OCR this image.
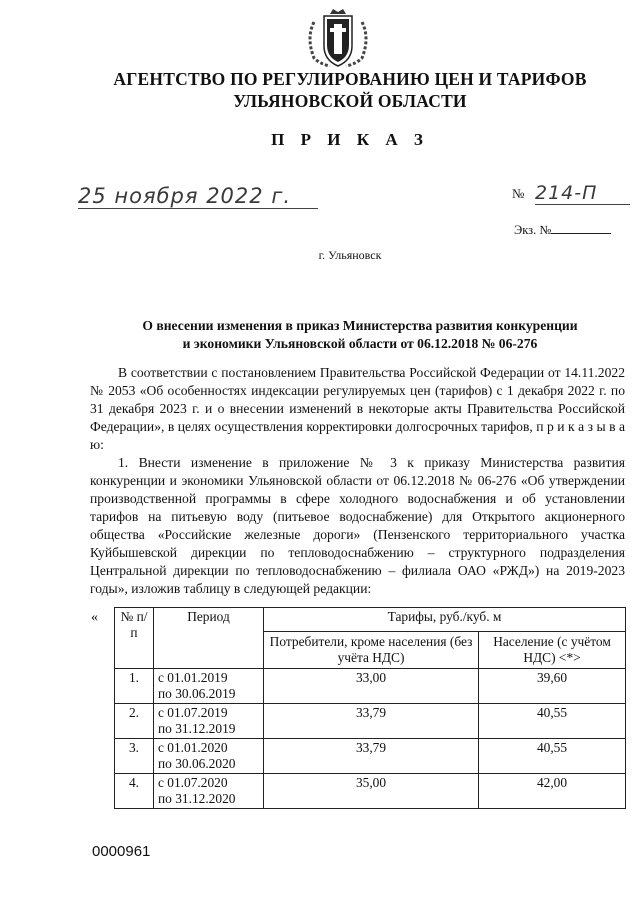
АГЕНТСТВО ПО РЕГУЛИРОВАНИЮ ЦЕН И ТАРИФОВ
УЛЬЯНОВСКОЙ ОБЛАСТИ
П Р И К А З
25 ноября 2022 г.	№ 214-П
Экз. №
г. Ульяновск
О внесении изменения в приказ Министерства развития конкуренции
и экономики Ульяновской области от 06.12.2018 № 06-276
В соответствии с постановлением Правительства Российской Федерации от 14.11.2022 № 2053 «Об особенностях индексации регулируемых цен (тарифов) с 1 декабря 2022 г. по 31 декабря 2023 г. и о внесении изменений в некоторые акты Правительства Российской Федерации», в целях осуществления корректировки долгосрочных тарифов, п р и к а з ы в а ю:
1. Внести изменение в приложение № 3 к приказу Министерства развития конкуренции и экономики Ульяновской области от 06.12.2018 № 06-276 «Об утверждении производственной программы в сфере холодного водоснабжения и об установлении тарифов на питьевую воду (питьевое водоснабжение) для Открытого акционерного общества «Российские железные дороги» (Пензенского территориального участка Куйбышевской дирекции по тепловодоснабжению – структурного подразделения Центральной дирекции по тепловодоснабжению – филиала ОАО «РЖД») на 2019-2023 годы», изложив таблицу в следующей редакции:
« № п/п	Период	Тарифы, руб./куб. м	
		Потребители, кроме населения (без учёта НДС)	Население (с учётом НДС) <*>
1.	с 01.01.2019
по 30.06.2019	33,00	39,60
2.	с 01.07.2019
по 31.12.2019	33,79	40,55
3.	с 01.01.2020
по 30.06.2020	33,79	40,55
4.	с 01.07.2020
по 31.12.2020	35,00	42,00
0000961
